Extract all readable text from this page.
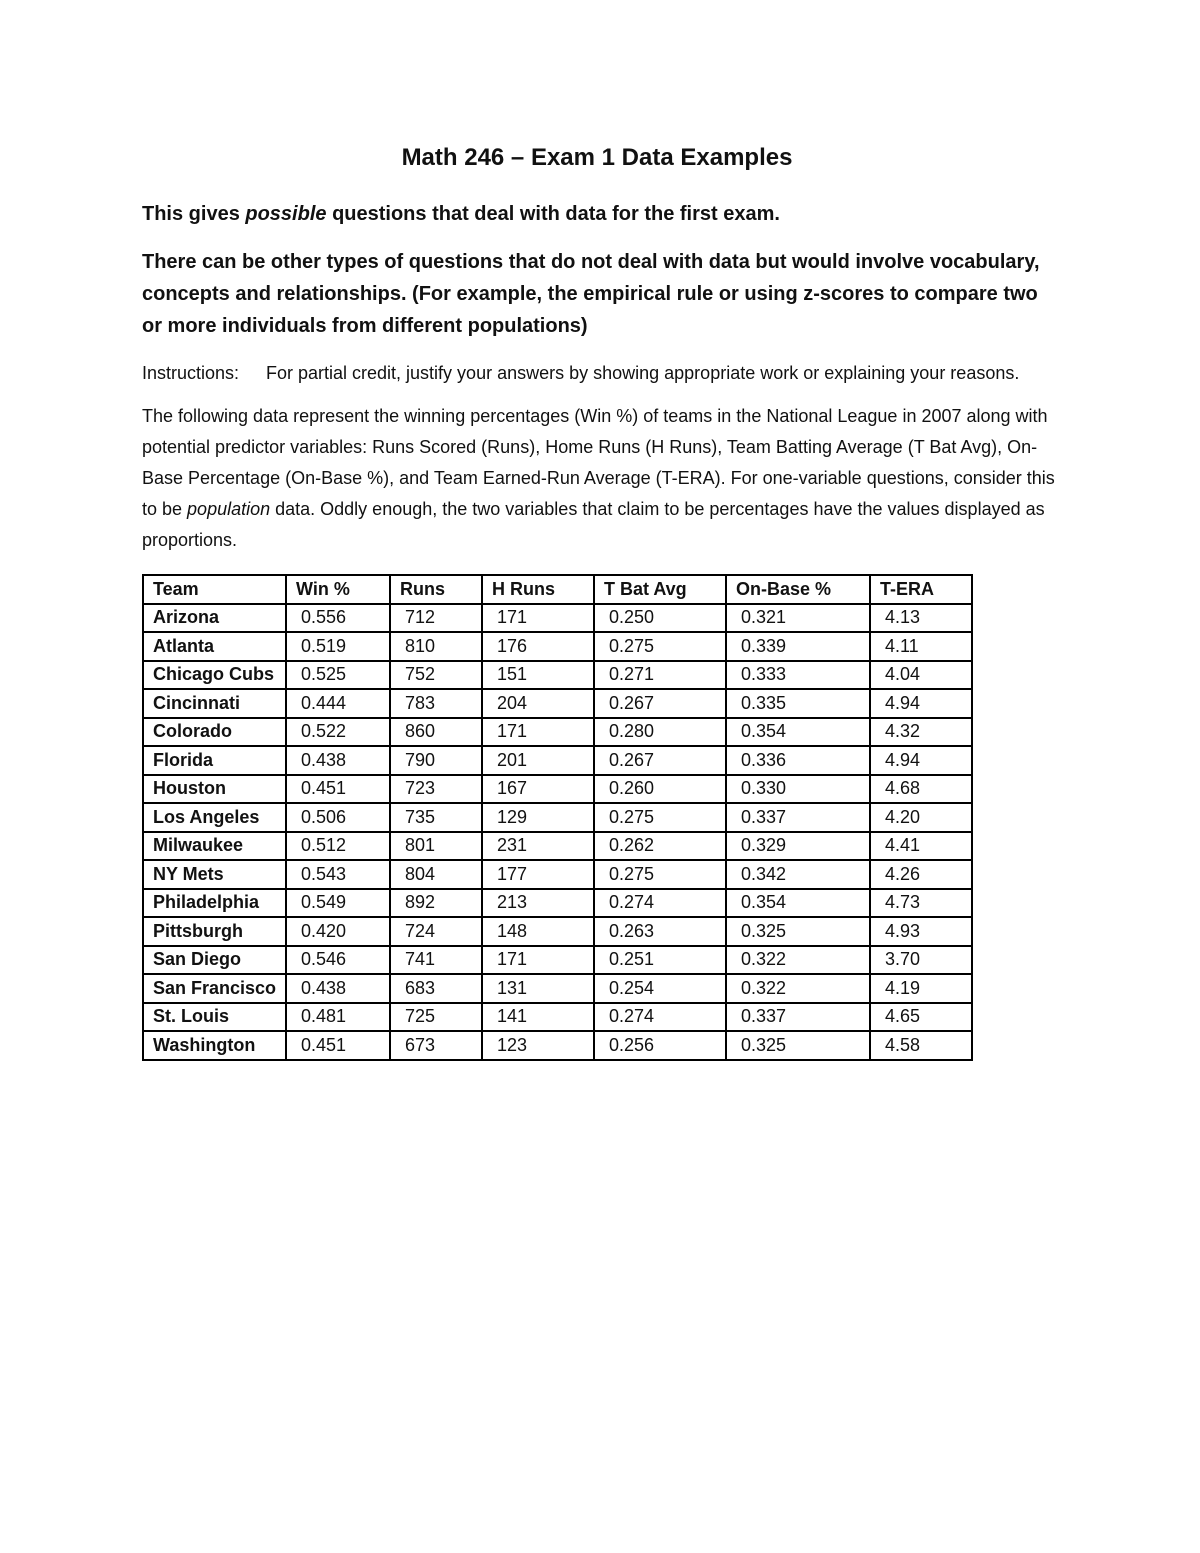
Math 246 – Exam 1 Data Examples

This gives possible questions that deal with data for the first exam.

There can be other types of questions that do not deal with data but would involve vocabulary, concepts and relationships. (For example, the empirical rule or using z-scores to compare two or more individuals from different populations)

Instructions: For partial credit, justify your answers by showing appropriate work or explaining your reasons.

The following data represent the winning percentages (Win %) of teams in the National League in 2007 along with potential predictor variables: Runs Scored (Runs), Home Runs (H Runs), Team Batting Average (T Bat Avg), On-Base Percentage (On-Base %), and Team Earned-Run Average (T-ERA). For one-variable questions, consider this to be population data. Oddly enough, the two variables that claim to be percentages have the values displayed as proportions.

Team	Win %	Runs	H Runs	T Bat Avg	On-Base %	T-ERA
Arizona	0.556	712	171	0.250	0.321	4.13
Atlanta	0.519	810	176	0.275	0.339	4.11
Chicago Cubs	0.525	752	151	0.271	0.333	4.04
Cincinnati	0.444	783	204	0.267	0.335	4.94
Colorado	0.522	860	171	0.280	0.354	4.32
Florida	0.438	790	201	0.267	0.336	4.94
Houston	0.451	723	167	0.260	0.330	4.68
Los Angeles	0.506	735	129	0.275	0.337	4.20
Milwaukee	0.512	801	231	0.262	0.329	4.41
NY Mets	0.543	804	177	0.275	0.342	4.26
Philadelphia	0.549	892	213	0.274	0.354	4.73
Pittsburgh	0.420	724	148	0.263	0.325	4.93
San Diego	0.546	741	171	0.251	0.322	3.70
San Francisco	0.438	683	131	0.254	0.322	4.19
St. Louis	0.481	725	141	0.274	0.337	4.65
Washington	0.451	673	123	0.256	0.325	4.58
